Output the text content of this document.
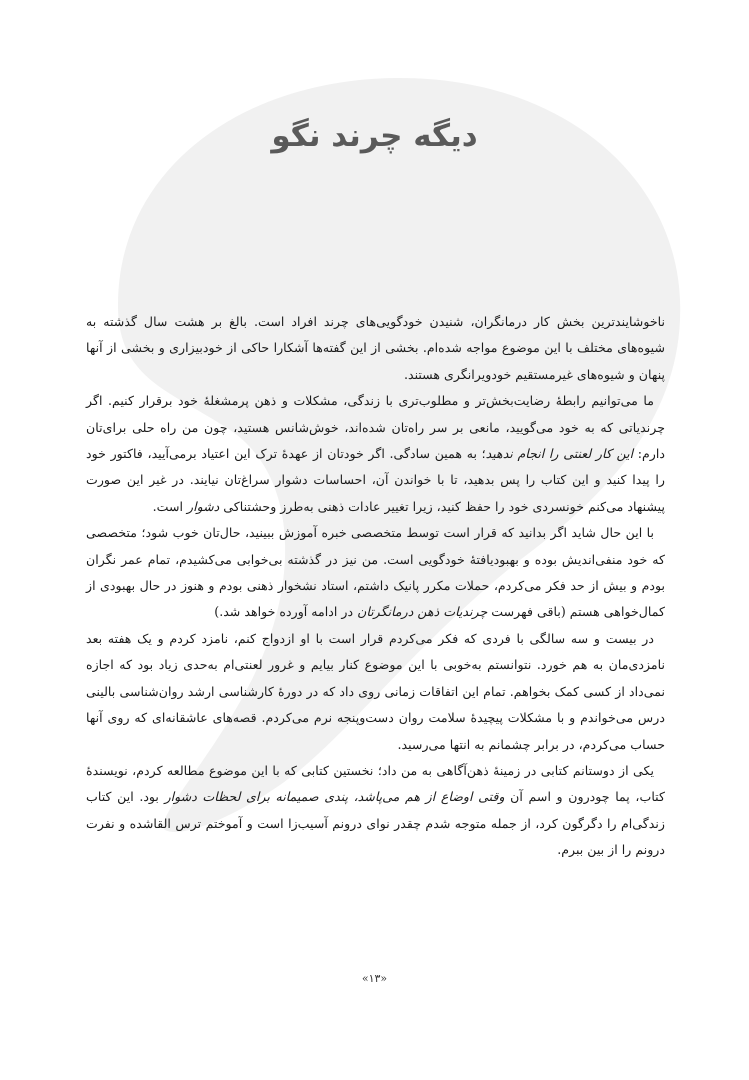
دیگه چرند نگو

ناخوشایندترین بخش کار درمانگران، شنیدن خودگویی‌های چرند افراد است. بالغ بر هشت سال گذشته به شیوه‌های مختلف با این موضوع مواجه شده‌ام. بخشی از این گفته‌ها آشکارا حاکی از خودبیزاری و بخشی از آنها پنهان و شیوه‌های غیرمستقیم خودویرانگری هستند.

ما می‌توانیم رابطهٔ رضایت‌بخش‌تر و مطلوب‌تری با زندگی، مشکلات و ذهن پرمشغلهٔ خود برقرار کنیم. اگر چرندیاتی که به خود می‌گویید، مانعی بر سر راه‌تان شده‌اند، خوش‌شانس هستید، چون من راه حلی برای‌تان دارم: این کار لعنتی را انجام ندهید؛ به همین سادگی. اگر خودتان از عهدهٔ ترک این اعتیاد برمی‌آیید، فاکتور خود را پیدا کنید و این کتاب را پس بدهید، تا با خواندن آن، احساسات دشوار سراغ‌تان نیایند. در غیر این صورت پیشنهاد می‌کنم خونسردی خود را حفظ کنید، زیرا تغییر عادات ذهنی به‌طرز وحشتناکی دشوار است.

با این حال شاید اگر بدانید که قرار است توسط متخصصی خبره آموزش ببینید، حال‌تان خوب شود؛ متخصصی که خود منفی‌اندیش بوده و بهبودیافتهٔ خودگویی است. من نیز در گذشته بی‌خوابی می‌کشیدم، تمام عمر نگران بودم و بیش از حد فکر می‌کردم، حملات مکرر پانیک داشتم، استاد نشخوار ذهنی بودم و هنوز در حال بهبودی از کمال‌خواهی هستم (باقی فهرست چرندیات ذهن درمانگرتان در ادامه آورده خواهد شد.)

در بیست و سه سالگی با فردی که فکر می‌کردم قرار است با او ازدواج کنم، نامزد کردم و یک هفته بعد نامزدی‌مان به هم خورد. نتوانستم به‌خوبی با این موضوع کنار بیایم و غرور لعنتی‌ام به‌حدی زیاد بود که اجازه نمی‌داد از کسی کمک بخواهم. تمام این اتفاقات زمانی روی داد که در دورهٔ کارشناسی ارشد روان‌شناسی بالینی درس می‌خواندم و با مشکلات پیچیدهٔ سلامت روان دست‌وپنجه نرم می‌کردم. قصه‌های عاشقانه‌ای که روی آنها حساب می‌کردم، در برابر چشمانم به انتها می‌رسید.

یکی از دوستانم کتابی در زمینهٔ ذهن‌آگاهی به من داد؛ نخستین کتابی که با این موضوع مطالعه کردم، نویسندهٔ کتاب، پما چودرون و اسم آن وقتی اوضاع از هم می‌پاشد، پندی صمیمانه برای لحظات دشوار بود. این کتاب زندگی‌ام را دگرگون کرد، از جمله متوجه شدم چقدر نوای درونم آسیب‌زا است و آموختم ترس القاشده و نفرت درونم را از بین ببرم.

«۱۳»
